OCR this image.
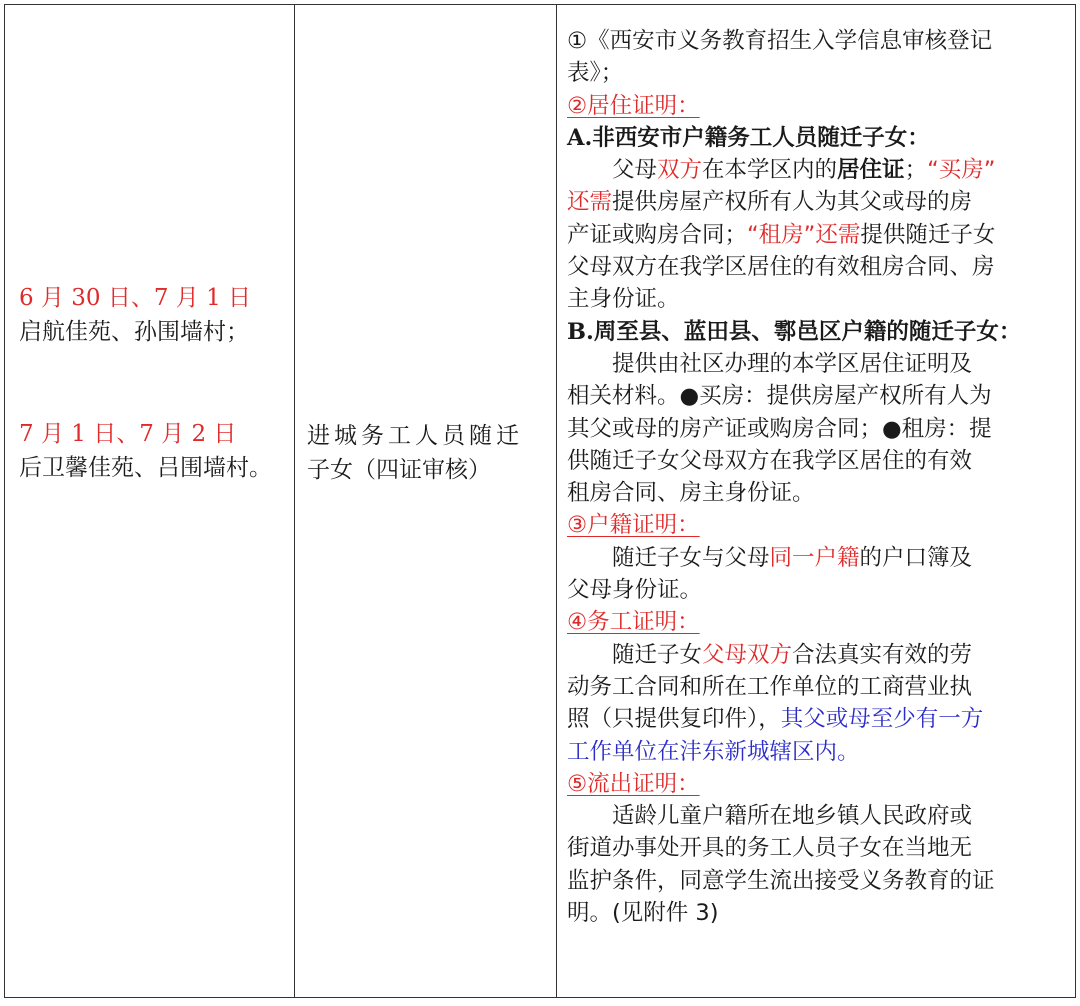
6 月 30 日、7 月 1 日
启航佳苑、孙围墙村；
7 月 1 日、7 月 2 日
后卫馨佳苑、吕围墙村。
进城务工人员随迁
子女（四证审核）
①《西安市义务教育招生入学信息审核登记
表》；
②居住证明：
A.非西安市户籍务工人员随迁子女：
父母双方在本学区内的居住证；“买房”
还需提供房屋产权所有人为其父或母的房
产证或购房合同；“租房”还需提供随迁子女
父母双方在我学区居住的有效租房合同、房
主身份证。
B.周至县、蓝田县、鄠邑区户籍的随迁子女：
提供由社区办理的本学区居住证明及
相关材料。●买房：提供房屋产权所有人为
其父或母的房产证或购房合同；●租房：提
供随迁子女父母双方在我学区居住的有效
租房合同、房主身份证。
③户籍证明：
随迁子女与父母同一户籍的户口簿及
父母身份证。
④务工证明：
随迁子女父母双方合法真实有效的劳
动务工合同和所在工作单位的工商营业执
照（只提供复印件），其父或母至少有一方
工作单位在沣东新城辖区内。
⑤流出证明：
适龄儿童户籍所在地乡镇人民政府或
街道办事处开具的务工人员子女在当地无
监护条件，同意学生流出接受义务教育的证
明。(见附件 3)
